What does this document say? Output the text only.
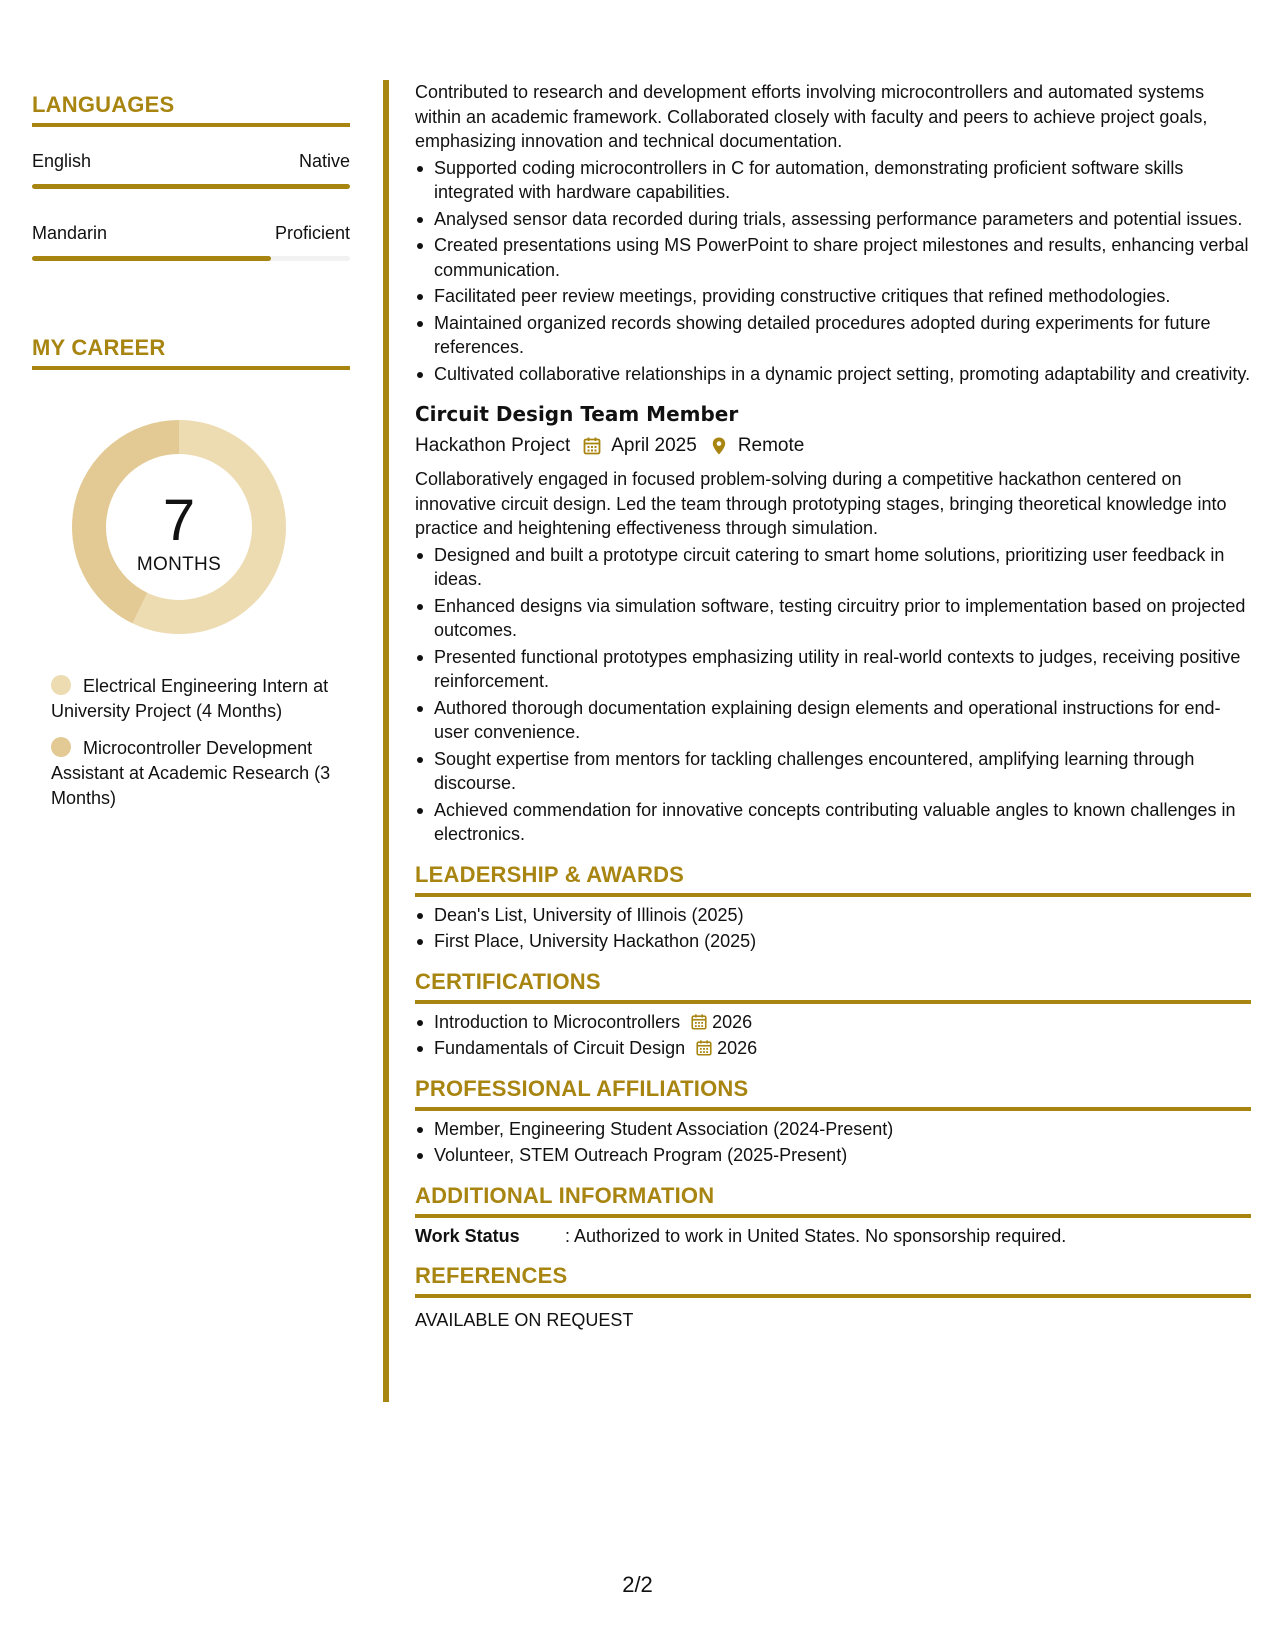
LANGUAGES
English	Native
Mandarin	Proficient
MY CAREER
7
MONTHS
Electrical Engineering Intern at University Project (4 Months)
Microcontroller Development Assistant at Academic Research (3 Months)

Contributed to research and development efforts involving microcontrollers and automated systems within an academic framework. Collaborated closely with faculty and peers to achieve project goals, emphasizing innovation and technical documentation.

Supported coding microcontrollers in C for automation, demonstrating proficient software skills integrated with hardware capabilities.
Analysed sensor data recorded during trials, assessing performance parameters and potential issues.
Created presentations using MS PowerPoint to share project milestones and results, enhancing verbal communication.
Facilitated peer review meetings, providing constructive critiques that refined methodologies.
Maintained organized records showing detailed procedures adopted during experiments for future references.
Cultivated collaborative relationships in a dynamic project setting, promoting adaptability and creativity.
Circuit Design Team Member
Hackathon Project April 2025 Remote

Collaboratively engaged in focused problem-solving during a competitive hackathon centered on innovative circuit design. Led the team through prototyping stages, bringing theoretical knowledge into practice and heightening effectiveness through simulation.

Designed and built a prototype circuit catering to smart home solutions, prioritizing user feedback in ideas.
Enhanced designs via simulation software, testing circuitry prior to implementation based on projected outcomes.
Presented functional prototypes emphasizing utility in real-world contexts to judges, receiving positive reinforcement.
Authored thorough documentation explaining design elements and operational instructions for end-user convenience.
Sought expertise from mentors for tackling challenges encountered, amplifying learning through discourse.
Achieved commendation for innovative concepts contributing valuable angles to known challenges in electronics.
LEADERSHIP & AWARDS
Dean's List, University of Illinois (2025)
First Place, University Hackathon (2025)
CERTIFICATIONS
Introduction to Microcontrollers 2026
Fundamentals of Circuit Design 2026
PROFESSIONAL AFFILIATIONS
Member, Engineering Student Association (2024-Present)
Volunteer, STEM Outreach Program (2025-Present)
ADDITIONAL INFORMATION
Work Status	: Authorized to work in United States. No sponsorship required.
REFERENCES
AVAILABLE ON REQUEST
2/2
